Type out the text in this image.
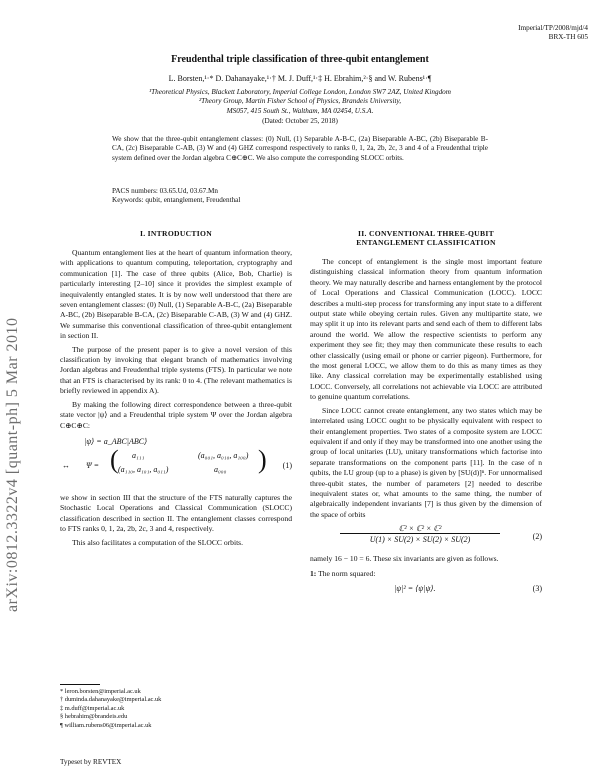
Imperial/TP/2008/mjd/4
BRX-TH 605
arXiv:0812.3322v4 [quant-ph] 5 Mar 2010
Freudenthal triple classification of three-qubit entanglement
L. Borsten,¹·* D. Dahanayake,¹·† M. J. Duff,¹·‡ H. Ebrahim,²·§ and W. Rubens¹·¶
¹Theoretical Physics, Blackett Laboratory, Imperial College London, London SW7 2AZ, United Kingdom
²Theory Group, Martin Fisher School of Physics, Brandeis University,
MS057, 415 South St., Waltham, MA 02454, U.S.A.
(Dated: October 25, 2018)
We show that the three-qubit entanglement classes: (0) Null, (1) Separable A-B-C, (2a) Biseparable A-BC, (2b) Biseparable B-CA, (2c) Biseparable C-AB, (3) W and (4) GHZ correspond respectively to ranks 0, 1, 2a, 2b, 2c, 3 and 4 of a Freudenthal triple system defined over the Jordan algebra C⊕C⊕C. We also compute the corresponding SLOCC orbits.
PACS numbers: 03.65.Ud, 03.67.Mn
Keywords: qubit, entanglement, Freudenthal
I. INTRODUCTION

Quantum entanglement lies at the heart of quantum information theory, with applications to quantum computing, teleportation, cryptography and communication [1]. The case of three qubits (Alice, Bob, Charlie) is particularly interesting [2–10] since it provides the simplest example of inequivalently entangled states. It is by now well understood that there are seven entanglement classes: (0) Null, (1) Separable A-B-C, (2a) Biseparable A-BC, (2b) Biseparable B-CA, (2c) Biseparable C-AB, (3) W and (4) GHZ. We summarise this conventional classification of three-qubit entanglement in section II.

The purpose of the present paper is to give a novel version of this classification by invoking that elegant branch of mathematics involving Jordan algebras and Freudenthal triple systems (FTS). In particular we note that an FTS is characterised by its rank: 0 to 4. (The relevant mathematics is briefly reviewed in appendix A).

By making the following direct correspondence between a three-qubit state vector |ψ⟩ and a Freudenthal triple system Ψ over the Jordan algebra C⊕C⊕C:

|ψ⟩ = a_ABC|ABC⟩
↔ Ψ = ( a₁₁₁	(a₀₀₁, a₀₁₀, a₁₀₀)
(a₁₁₀, a₁₀₁, a₀₁₁)	a₀₀₀ ) (1)

we show in section III that the structure of the FTS naturally captures the Stochastic Local Operations and Classical Communication (SLOCC) classification described in section II. The entanglement classes correspond to FTS ranks 0, 1, 2a, 2b, 2c, 3 and 4, respectively.

This also facilitates a computation of the SLOCC orbits.

* leron.borsten@imperial.ac.uk
† duminda.dahanayake@imperial.ac.uk
‡ m.duff@imperial.ac.uk
§ hebrahim@brandeis.edu
¶ william.rubens06@imperial.ac.uk
Typeset by REVTEX
II. CONVENTIONAL THREE-QUBIT
ENTANGLEMENT CLASSIFICATION

The concept of entanglement is the single most important feature distinguishing classical information theory from quantum information theory. We may naturally describe and harness entanglement by the protocol of Local Operations and Classical Communication (LOCC). LOCC describes a multi-step process for transforming any input state to a different output state while obeying certain rules. Given any multipartite state, we may split it up into its relevant parts and send each of them to different labs around the world. We allow the respective scientists to perform any experiment they see fit; they may then communicate these results to each other classically (using email or phone or carrier pigeon). Furthermore, for the most general LOCC, we allow them to do this as many times as they like. Any classical correlation may be experimentally established using LOCC. Conversely, all correlations not achievable via LOCC are attributed to genuine quantum correlations.

Since LOCC cannot create entanglement, any two states which may be interrelated using LOCC ought to be physically equivalent with respect to their entanglement properties. Two states of a composite system are LOCC equivalent if and only if they may be transformed into one another using the group of local unitaries (LU), unitary transformations which factorise into separate transformations on the component parts [11]. In the case of n qubits, the LU group (up to a phase) is given by [SU(d)]ⁿ. For unnormalised three-qubit states, the number of parameters [2] needed to describe inequivalent states or, what amounts to the same thing, the number of algebraically independent invariants [7] is thus given by the dimension of the space of orbits

ℂ² × ℂ² × ℂ²
U(1) × SU(2) × SU(2) × SU(2)	(2)

namely 16 − 10 = 6. These six invariants are given as follows.

1: The norm squared:

|ψ|² = ⟨ψ|ψ⟩.	(3)
